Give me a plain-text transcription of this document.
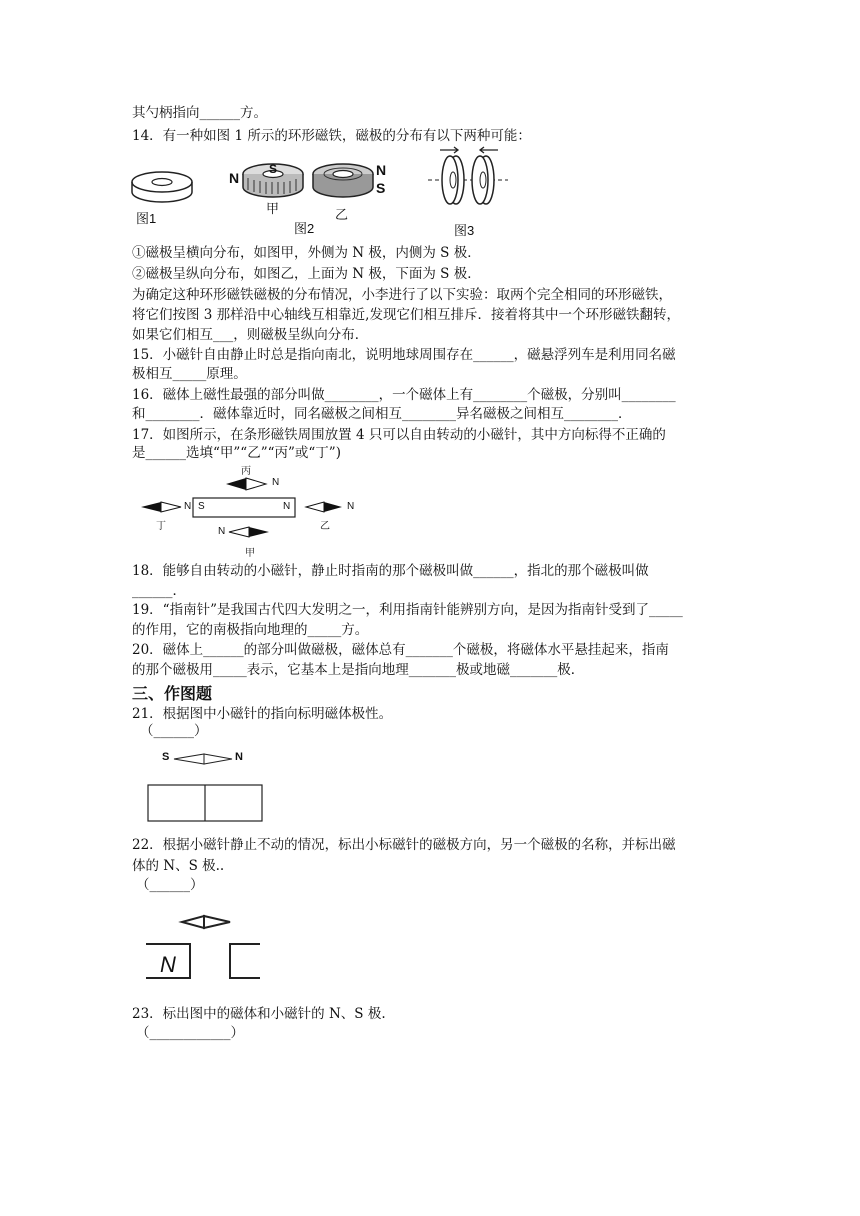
其勺柄指向______方。
14．有一种如图 1 所示的环形磁铁，磁极的分布有以下两种可能：
图1
N
S
甲
图2
乙
N
S
图3
①磁极呈横向分布，如图甲，外侧为 N 极，内侧为 S 极．
②磁极呈纵向分布，如图乙，上面为 N 极，下面为 S 极．
为确定这种环形磁铁磁极的分布情况，小李进行了以下实验：取两个完全相同的环形磁铁，
将它们按图 3 那样沿中心轴线互相靠近,发现它们相互排斥．接着将其中一个环形磁铁翻转，
如果它们相互___，则磁极呈纵向分布．
15．小磁针自由静止时总是指向南北，说明地球周围存在______，磁悬浮列车是利用同名磁
极相互_____原理。
16．磁体上磁性最强的部分叫做________，一个磁体上有________个磁极，分别叫________
和________．磁体靠近时，同名磁极之间相互________异名磁极之间相互________．
17．如图所示，在条形磁铁周围放置 4 只可以自由转动的小磁针，其中方向标得不正确的
是______选填“甲”“乙”“丙”或“丁”)
丙
N
N
丁
S	N	N
乙
N
甲
18．能够自由转动的小磁针，静止时指南的那个磁极叫做______，指北的那个磁极叫做
______．
19．“指南针”是我国古代四大发明之一，利用指南针能辨别方向，是因为指南针受到了_____
的作用，它的南极指向地理的_____方。
20．磁体上______的部分叫做磁极，磁体总有_______个磁极，将磁体水平悬挂起来，指南
的那个磁极用_____表示，它基本上是指向地理_______极或地磁_______极．
三、作图题
21．根据图中小磁针的指向标明磁体极性。
（______）
S	N
22．根据小磁针静止不动的情况，标出小标磁针的磁极方向，另一个磁极的名称，并标出磁
体的 N、S 极..
（______）
N
23．标出图中的磁体和小磁针的 N、S 极.
（____________）
